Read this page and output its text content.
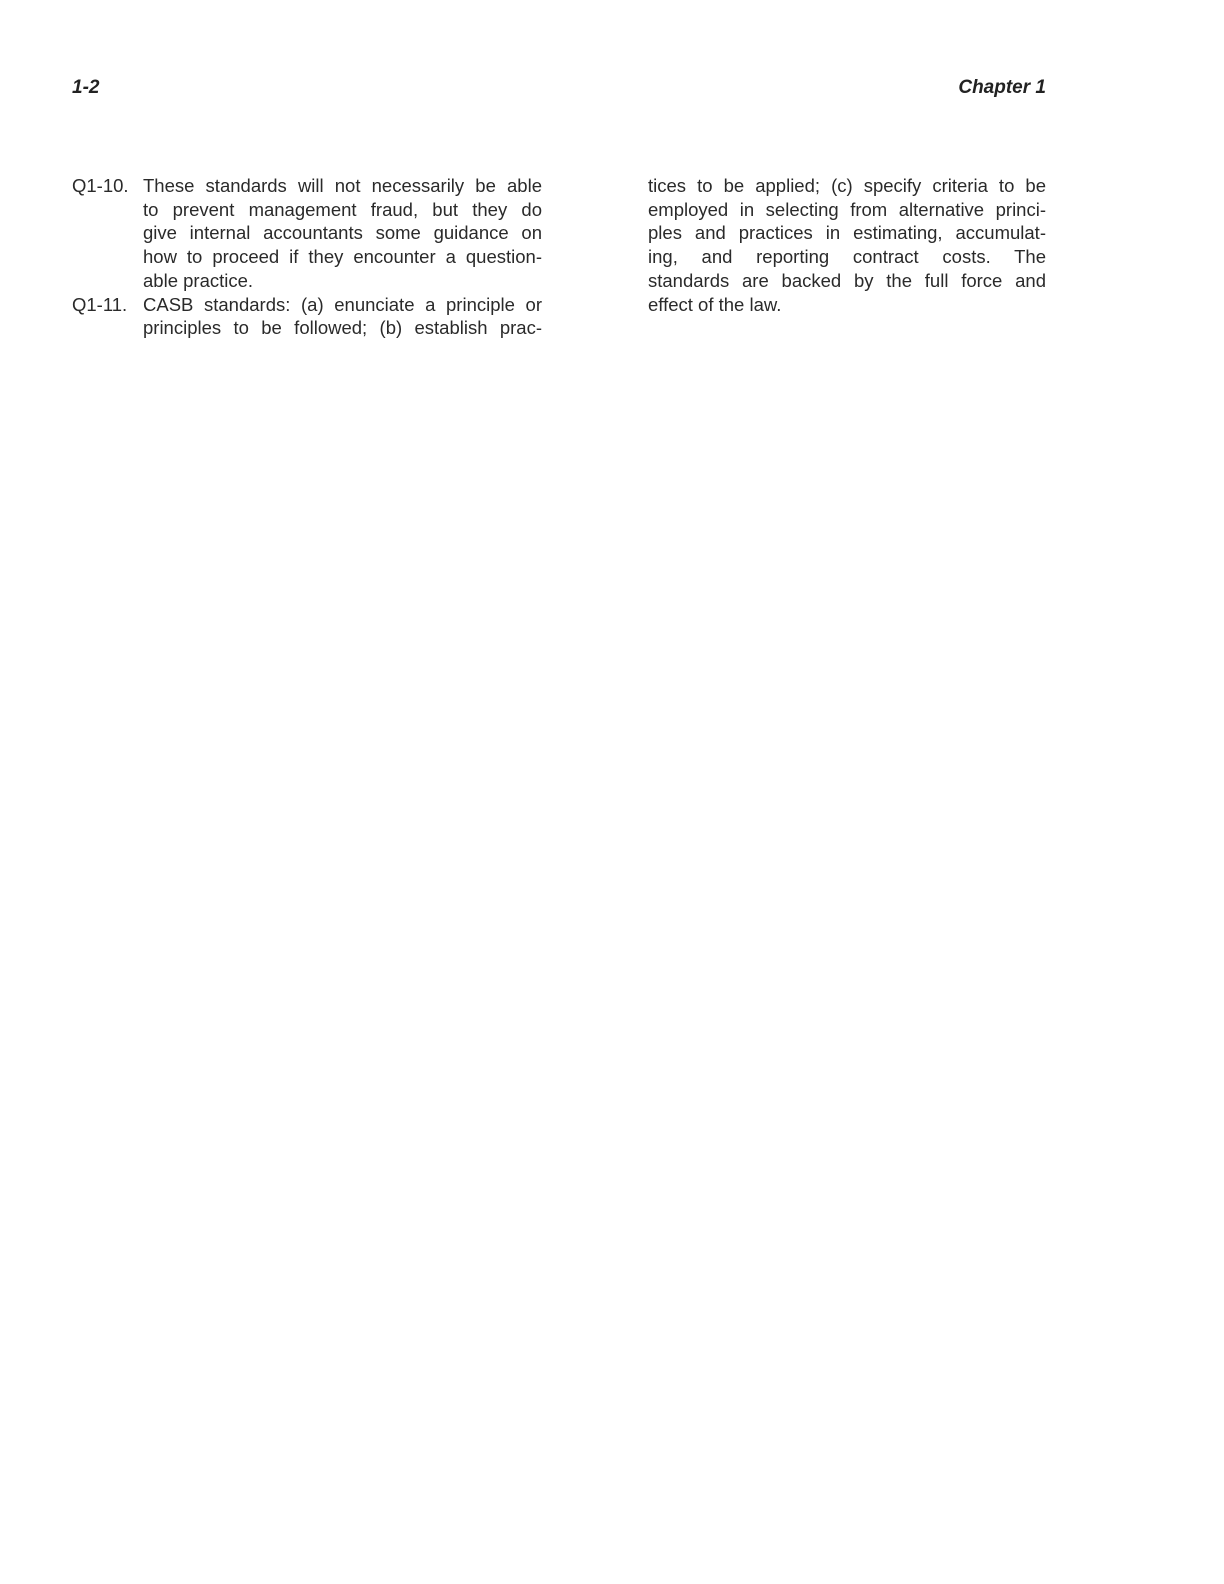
1-2	Chapter 1
Q1-10. These standards will not necessarily be able
to prevent management fraud, but they do
give internal accountants some guidance on
how to proceed if they encounter a question-
able practice.
Q1-11. CASB standards: (a) enunciate a principle or
principles to be followed; (b) establish prac-
tices to be applied; (c) specify criteria to be
employed in selecting from alternative princi-
ples and practices in estimating, accumulat-
ing, and reporting contract costs. The
standards are backed by the full force and
effect of the law.
